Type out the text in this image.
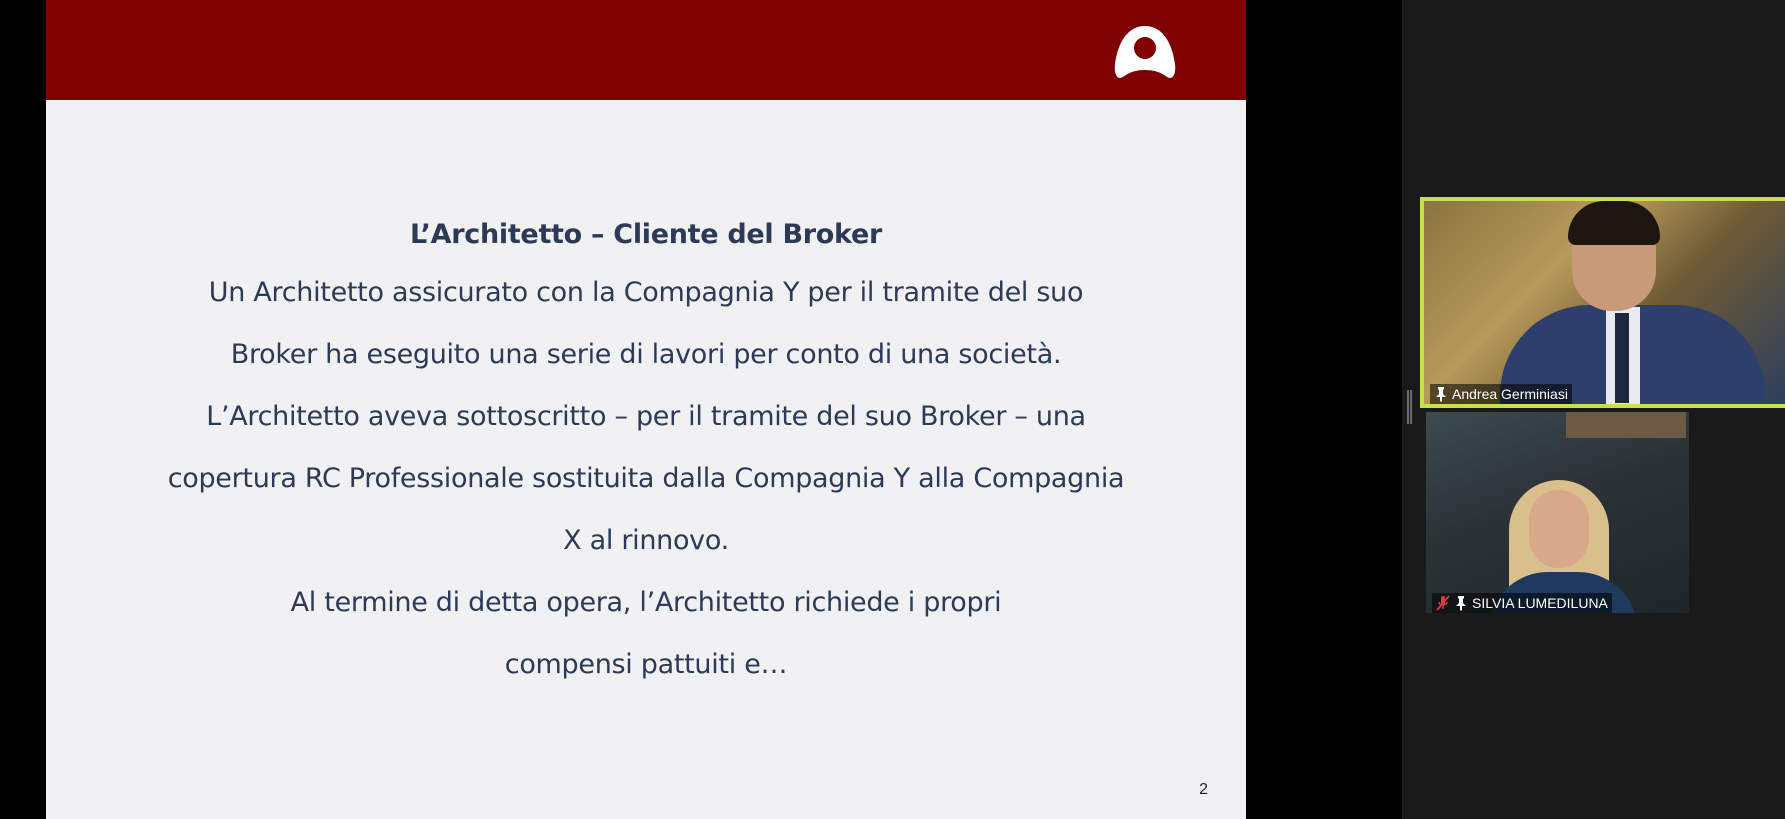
L’Architetto – Cliente del Broker

Un Architetto assicurato con la Compagnia Y per il tramite del suo Broker ha eseguito una serie di lavori per conto di una società.

L’Architetto aveva sottoscritto – per il tramite del suo Broker – una copertura RC Professionale sostituita dalla Compagnia Y alla Compagnia X al rinnovo.

Al termine di detta opera, l’Architetto richiede i propri compensi pattuiti e…

2
Andrea Germiniasi
SILVIA LUMEDILUNA
